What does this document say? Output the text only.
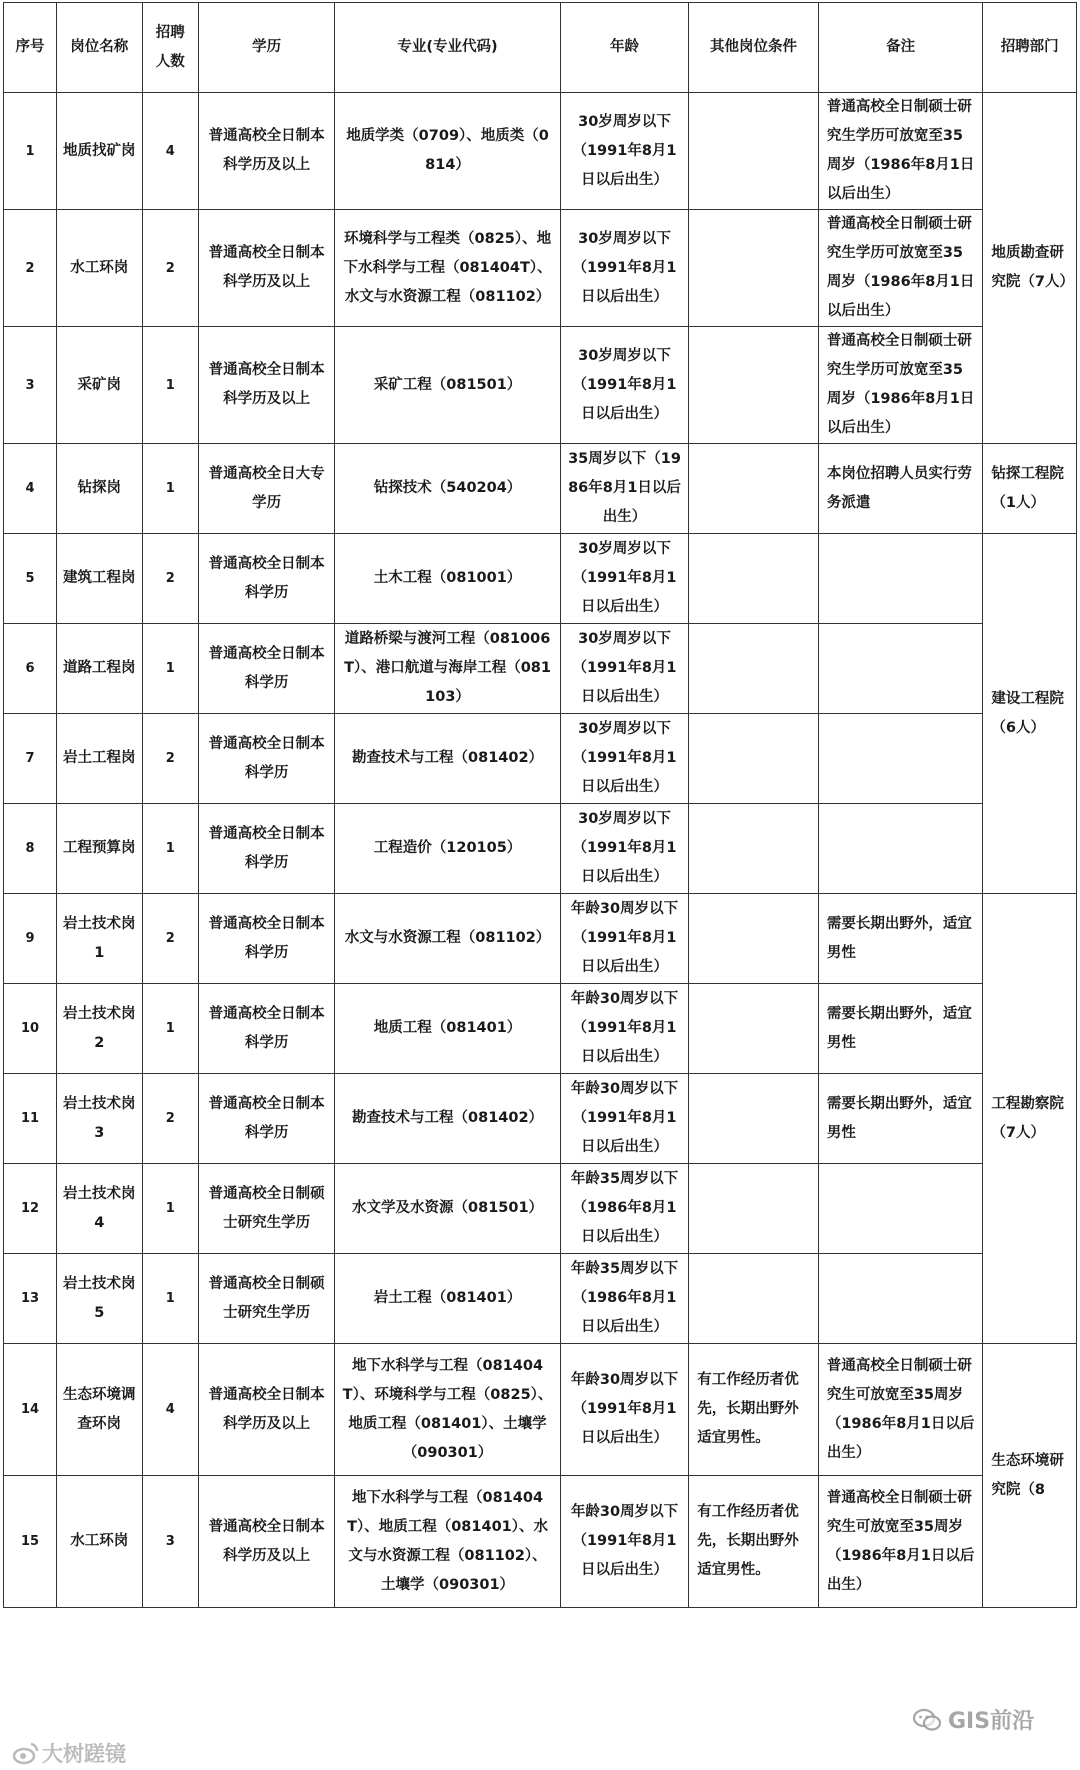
序号	岗位名称	招聘人数	学历	专业(专业代码)	年龄	其他岗位条件	备注	招聘部门
1	地质找矿岗	4	普通高校全日制本科学历及以上	地质学类（0709）、地质类（0814）	30岁周岁以下（1991年8月1日以后出生）		普通高校全日制硕士研究生学历可放宽至35周岁（1986年8月1日以后出生）	地质勘查研究院（7人）
2	水工环岗	2	普通高校全日制本科学历及以上	环境科学与工程类（0825）、地下水科学与工程（081404T）、水文与水资源工程（081102）	30岁周岁以下（1991年8月1日以后出生）		普通高校全日制硕士研究生学历可放宽至35周岁（1986年8月1日以后出生）	
3	采矿岗	1	普通高校全日制本科学历及以上	采矿工程（081501）	30岁周岁以下（1991年8月1日以后出生）		普通高校全日制硕士研究生学历可放宽至35周岁（1986年8月1日以后出生）	
4	钻探岗	1	普通高校全日大专学历	钻探技术（540204）	35周岁以下（1986年8月1日以后出生）		本岗位招聘人员实行劳务派遣	钻探工程院（1人）
5	建筑工程岗	2	普通高校全日制本科学历	土木工程（081001）	30岁周岁以下（1991年8月1日以后出生）			建设工程院（6人）
6	道路工程岗	1	普通高校全日制本科学历	道路桥梁与渡河工程（081006T）、港口航道与海岸工程（081103）	30岁周岁以下（1991年8月1日以后出生）			
7	岩土工程岗	2	普通高校全日制本科学历	勘查技术与工程（081402）	30岁周岁以下（1991年8月1日以后出生）			
8	工程预算岗	1	普通高校全日制本科学历	工程造价（120105）	30岁周岁以下（1991年8月1日以后出生）			
9	岩土技术岗1	2	普通高校全日制本科学历	水文与水资源工程（081102）	年龄30周岁以下（1991年8月1日以后出生）		需要长期出野外，适宜男性	工程勘察院（7人）
10	岩土技术岗2	1	普通高校全日制本科学历	地质工程（081401）	年龄30周岁以下（1991年8月1日以后出生）		需要长期出野外，适宜男性	
11	岩土技术岗3	2	普通高校全日制本科学历	勘查技术与工程（081402）	年龄30周岁以下（1991年8月1日以后出生）		需要长期出野外，适宜男性	
12	岩土技术岗4	1	普通高校全日制硕士研究生学历	水文学及水资源（081501）	年龄35周岁以下（1986年8月1日以后出生）			
13	岩土技术岗5	1	普通高校全日制硕士研究生学历	岩土工程（081401）	年龄35周岁以下（1986年8月1日以后出生）			
14	生态环境调查环岗	4	普通高校全日制本科学历及以上	地下水科学与工程（081404T）、环境科学与工程（0825）、地质工程（081401）、土壤学（090301）	年龄30周岁以下（1991年8月1日以后出生）	有工作经历者优先，长期出野外适宜男性。	普通高校全日制硕士研究生可放宽至35周岁（1986年8月1日以后出生）	生态环境研究院（8
15	水工环岗	3	普通高校全日制本科学历及以上	地下水科学与工程（081404T）、地质工程（081401）、水文与水资源工程（081102）、土壤学（090301）	年龄30周岁以下（1991年8月1日以后出生）	有工作经历者优先，长期出野外适宜男性。	普通高校全日制硕士研究生可放宽至35周岁（1986年8月1日以后出生）	
大树蹉镜
GIS前沿
